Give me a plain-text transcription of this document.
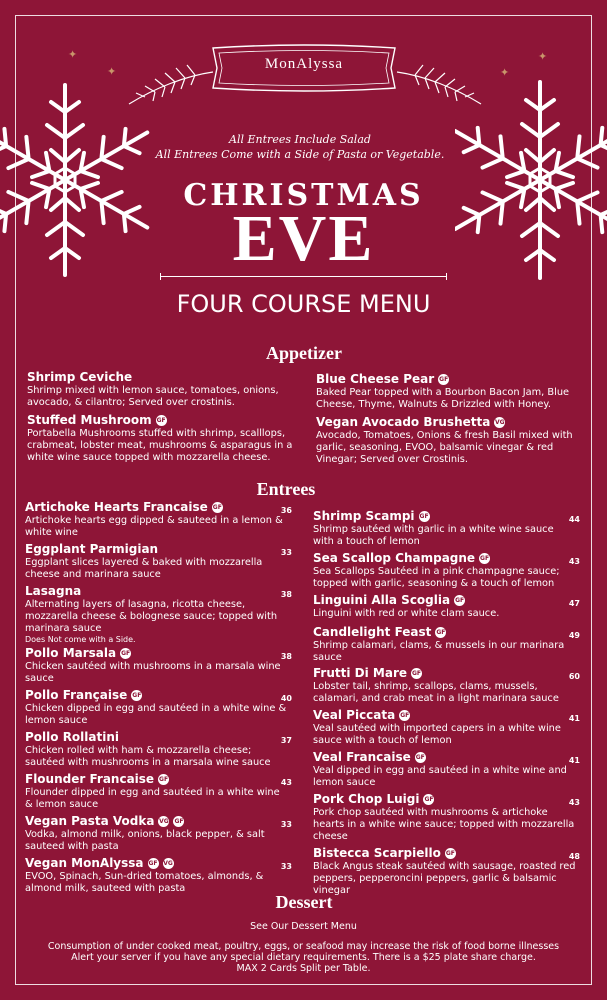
✦
✦	✦
✦
MonAlyssa
All Entrees Include Salad
All Entrees Come with a Side of Pasta or Vegetable.
CHRISTMAS
EVE
FOUR COURSE MENU
Appetizer
Shrimp Ceviche
Shrimp mixed with lemon sauce, tomatoes, onions, avocado, & cilantro; Served over crostinis.
Stuffed Mushroom GF
Portabella Mushrooms stuffed with shrimp, scalllops, crabmeat, lobster meat, mushrooms & asparagus in a white wine sauce topped with mozzarella cheese.
Blue Cheese Pear GF
Baked Pear topped with a Bourbon Bacon Jam, Blue Cheese, Thyme, Walnuts & Drizzled with Honey.
Vegan Avocado Brushetta VG
Avocado, Tomatoes, Onions & fresh Basil mixed with garlic, seasoning, EVOO, balsamic vinegar & red Vinegar; Served over Crostinis.
Entrees
Artichoke Hearts Francaise GF
Artichoke hearts egg dipped & sauteed in a lemon & white wine
36
Eggplant Parmigian
Eggplant slices layered & baked with mozzarella cheese and marinara sauce
33
Lasagna
Alternating layers of lasagna, ricotta cheese, mozzarella cheese & bolognese sauce; topped with marinara sauce
Does Not come with a Side.
38
Pollo Marsala GF
Chicken sautéed with mushrooms in a marsala wine sauce
38
Pollo Française GF
Chicken dipped in egg and sautéed in a white wine & lemon sauce
40
Pollo Rollatini
Chicken rolled with ham & mozzarella cheese; sautéed with mushrooms in a marsala wine sauce
37
Flounder Francaise GF
Flounder dipped in egg and sautéed in a white wine & lemon sauce
43
Vegan Pasta Vodka VG GF
Vodka, almond milk, onions, black pepper, & salt sauteed with pasta
33
Vegan MonAlyssa GF VG
EVOO, Spinach, Sun-dried tomatoes, almonds, & almond milk, sauteed with pasta
33
Shrimp Scampi GF
Shrimp sautéed with garlic in a white wine sauce with a touch of lemon
44
Sea Scallop Champagne GF
Sea Scallops Sautéed in a pink champagne sauce; topped with garlic, seasoning & a touch of lemon
43
Linguini Alla Scoglia GF
Linguini with red or white clam sauce.
47
Candlelight Feast GF
Shrimp calamari, clams, & mussels in our marinara sauce
49
Frutti Di Mare GF
Lobster tail, shrimp, scallops, clams, mussels, calamari, and crab meat in a light marinara sauce
60
Veal Piccata GF
Veal sautéed with imported capers in a white wine sauce with a touch of lemon
41
Veal Francaise GF
Veal dipped in egg and sautéed in a white wine and lemon sauce
41
Pork Chop Luigi GF
Pork chop sautéed with mushrooms & artichoke hearts in a white wine sauce; topped with mozzarella cheese
43
Bistecca Scarpiello GF
Black Angus steak sautéed with sausage, roasted red peppers, pepperoncini peppers, garlic & balsamic vinegar
48
Dessert
See Our Dessert Menu
Consumption of under cooked meat, poultry, eggs, or seafood may increase the risk of food borne illnesses
Alert your server if you have any special dietary requirements. There is a $25 plate share charge.
MAX 2 Cards Split per Table.
